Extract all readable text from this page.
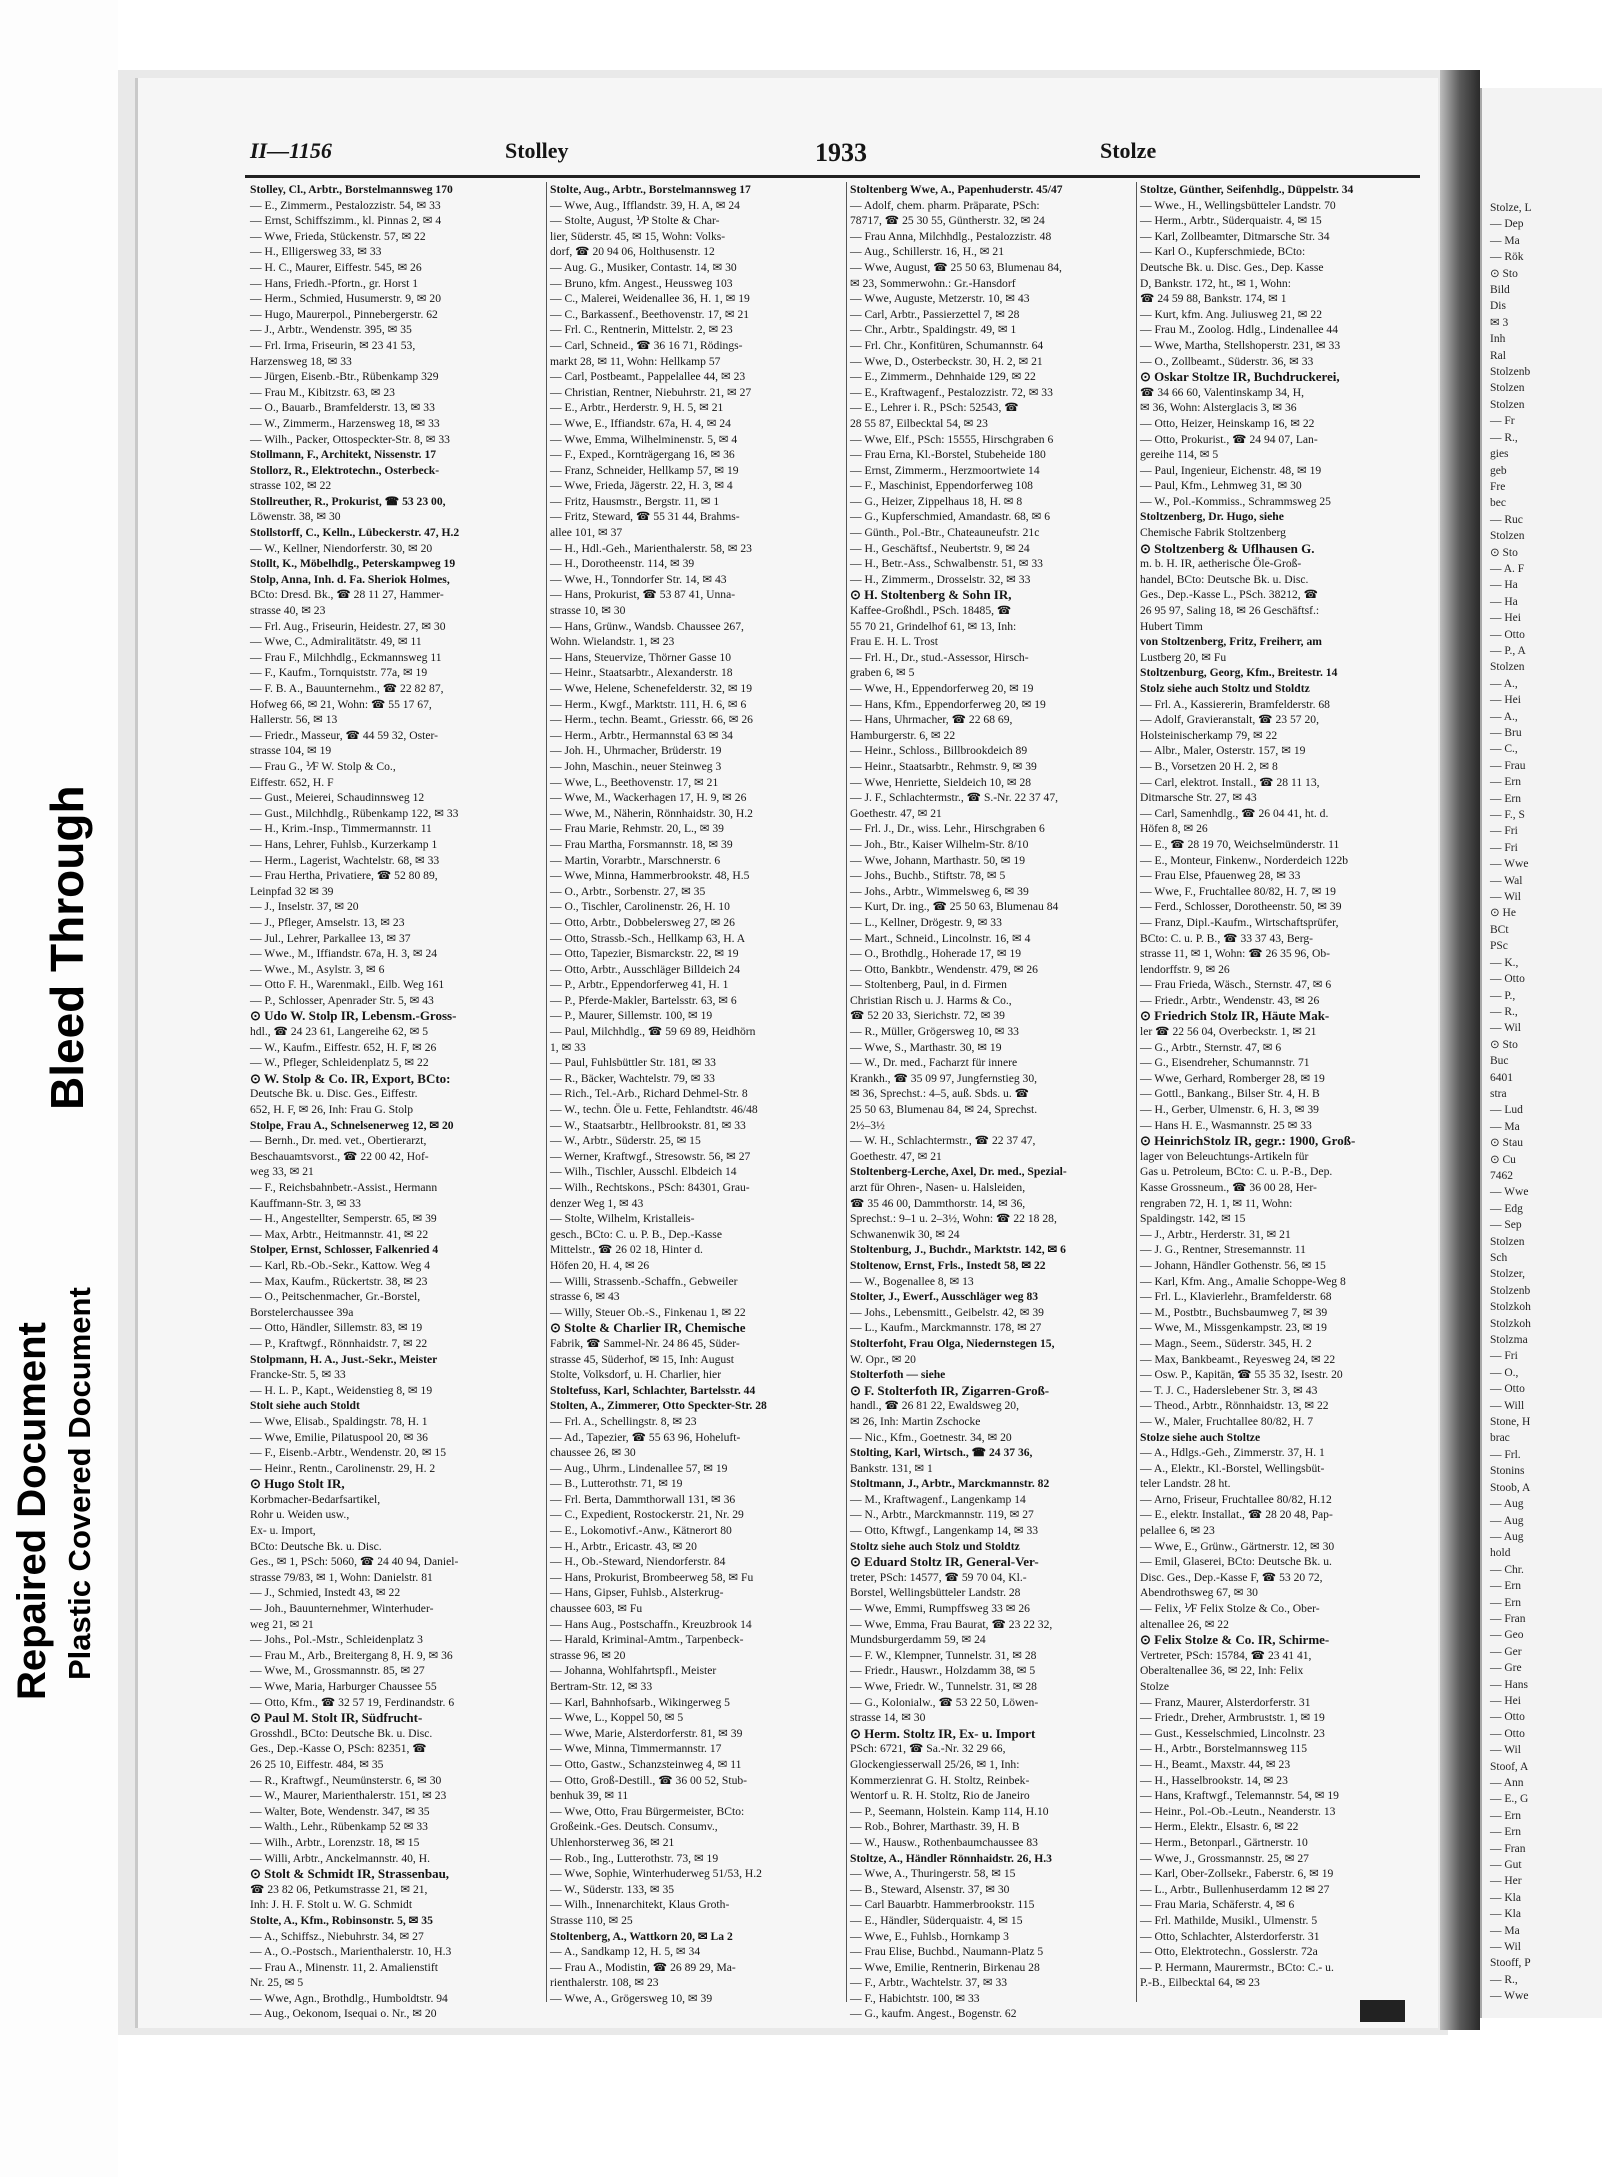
Repaired Document Plastic Covered Document
Bleed Through
Stolze, L
— Dep
— Ma
— Rök
⊙ Sto
Bild
Dis
✉ 3
Inh
Ral
Stolzenb
Stolzen
Stolzen
— Fr
— R.,
gies
geb
Fre
bec
— Ruc
Stolzen
⊙ Sto
— A. F
— Ha
— Ha
— Hei
— Otto
— P., A
Stolzen
— A.,
— Hei
— A.,
— Bru
— C.,
— Frau
— Ern
— Ern
— F., S
— Fri
— Fri
— Wwe
— Wal
— Wil
⊙ He
BCt
PSc
— K.,
— Otto
— P.,
— R.,
— Wil
⊙ Sto
Buc
6401
stra
— Lud
— Ma
⊙ Stau
⊙ Cu
7462
— Wwe
— Edg
— Sep
Stolzen
Sch
Stolzer,
Stolzenb
Stolzkoh
Stolzkoh
Stolzma
— Fri
— O.,
— Otto
— Will
Stone, H
brac
— Frl.
Stonins
Stoob, A
— Aug
— Aug
— Aug
hold
— Chr.
— Ern
— Ern
— Fran
— Geo
— Ger
— Gre
— Hans
— Hei
— Otto
— Otto
— Wil
Stoof, A
— Ann
— E., G
— Ern
— Ern
— Fran
— Gut
— Her
— Kla
— Kla
— Ma
— Wil
Stooff, P
— R.,
— Wwe
II—1156	Stolley	1933	Stolze
Stolley, Cl., Arbtr., Borstelmannsweg 170
— E., Zimmerm., Pestalozzistr. 54, ✉ 33
— Ernst, Schiffszimm., kl. Pinnas 2, ✉ 4
— Wwe, Frieda, Stückenstr. 57, ✉ 22
— H., Elligersweg 33, ✉ 33
— H. C., Maurer, Eiffestr. 545, ✉ 26
— Hans, Friedh.-Pfortn., gr. Horst 1
— Herm., Schmied, Husumerstr. 9, ✉ 20
— Hugo, Maurerpol., Pinnebergerstr. 62
— J., Arbtr., Wendenstr. 395, ✉ 35
— Frl. Irma, Friseurin, ✉ 23 41 53,
Harzensweg 18, ✉ 33
— Jürgen, Eisenb.-Btr., Rübenkamp 329
— Frau M., Kibitzstr. 63, ✉ 23
— O., Bauarb., Bramfelderstr. 13, ✉ 33
— W., Zimmerm., Harzensweg 18, ✉ 33
— Wilh., Packer, Ottospeckter-Str. 8, ✉ 33
Stollmann, F., Architekt, Nissenstr. 17
Stollorz, R., Elektrotechn., Osterbeck-
strasse 102, ✉ 22
Stollreuther, R., Prokurist, ☎ 53 23 00,
Löwenstr. 38, ✉ 30
Stollstorff, C., Kelln., Lübeckerstr. 47, H.2
— W., Kellner, Niendorferstr. 30, ✉ 20
Stollt, K., Möbelhdlg., Peterskampweg 19
Stolp, Anna, Inh. d. Fa. Sheriok Holmes,
BCto: Dresd. Bk., ☎ 28 11 27, Hammer-
strasse 40, ✉ 23
— Frl. Aug., Friseurin, Heidestr. 27, ✉ 30
— Wwe, C., Admiralitätstr. 49, ✉ 11
— Frau F., Milchhdlg., Eckmannsweg 11
— F., Kaufm., Tornquiststr. 77a, ✉ 19
— F. B. A., Bauunternehm., ☎ 22 82 87,
Hofweg 66, ✉ 21, Wohn: ☎ 55 17 67,
Hallerstr. 56, ✉ 13
— Friedr., Masseur, ☎ 44 59 32, Oster-
strasse 104, ✉ 19
— Frau G., ⅟F W. Stolp & Co.,
Eiffestr. 652, H. F
— Gust., Meierei, Schaudinnsweg 12
— Gust., Milchhdlg., Rübenkamp 122, ✉ 33
— H., Krim.-Insp., Timmermannstr. 11
— Hans, Lehrer, Fuhlsb., Kurzerkamp 1
— Herm., Lagerist, Wachtelstr. 68, ✉ 33
— Frau Hertha, Privatiere, ☎ 52 80 89,
Leinpfad 32 ✉ 39
— J., Inselstr. 37, ✉ 20
— J., Pfleger, Amselstr. 13, ✉ 23
— Jul., Lehrer, Parkallee 13, ✉ 37
— Wwe., M., Iffiandstr. 67a, H. 3, ✉ 24
— Wwe., M., Asylstr. 3, ✉ 6
— Otto F. H., Warenmakl., Eilb. Weg 161
— P., Schlosser, Apenrader Str. 5, ✉ 43
⊙ Udo W. Stolp IR, Lebensm.-Gross-
hdl., ☎ 24 23 61, Langereihe 62, ✉ 5
— W., Kaufm., Eiffestr. 652, H. F, ✉ 26
— W., Pfleger, Schleidenplatz 5, ✉ 22
⊙ W. Stolp & Co. IR, Export, BCto:
Deutsche Bk. u. Disc. Ges., Eiffestr.
652, H. F, ✉ 26, Inh: Frau G. Stolp
Stolpe, Frau A., Schnelsenerweg 12, ✉ 20
— Bernh., Dr. med. vet., Obertierarzt,
Beschauamtsvorst., ☎ 22 00 42, Hof-
weg 33, ✉ 21
— F., Reichsbahnbetr.-Assist., Hermann
Kauffmann-Str. 3, ✉ 33
— H., Angestellter, Semperstr. 65, ✉ 39
— Max, Arbtr., Heitmannstr. 41, ✉ 22
Stolper, Ernst, Schlosser, Falkenried 4
— Karl, Rb.-Ob.-Sekr., Kattow. Weg 4
— Max, Kaufm., Rückertstr. 38, ✉ 23
— O., Peitschenmacher, Gr.-Borstel,
Borstelerchaussee 39a
— Otto, Händler, Sillemstr. 83, ✉ 19
— P., Kraftwgf., Rönnhaidstr. 7, ✉ 22
Stolpmann, H. A., Just.-Sekr., Meister
Francke-Str. 5, ✉ 33
— H. L. P., Kapt., Weidenstieg 8, ✉ 19
Stolt siehe auch Stoldt
— Wwe, Elisab., Spaldingstr. 78, H. 1
— Wwe, Emilie, Pilatuspool 20, ✉ 36
— F., Eisenb.-Arbtr., Wendenstr. 20, ✉ 15
— Heinr., Rentn., Carolinenstr. 29, H. 2
⊙ Hugo Stolt IR,
Korbmacher-Bedarfsartikel,
Rohr u. Weiden usw.,
Ex- u. Import,
BCto: Deutsche Bk. u. Disc.
Ges., ✉ 1, PSch: 5060, ☎ 24 40 94, Daniel-
strasse 79/83, ✉ 1, Wohn: Danielstr. 81
— J., Schmied, Instedt 43, ✉ 22
— Joh., Bauunternehmer, Winterhuder-
weg 21, ✉ 21
— Johs., Pol.-Mstr., Schleidenplatz 3
— Frau M., Arb., Breitergang 8, H. 9, ✉ 36
— Wwe, M., Grossmannstr. 85, ✉ 27
— Wwe, Maria, Harburger Chaussee 55
— Otto, Kfm., ☎ 32 57 19, Ferdinandstr. 6
⊙ Paul M. Stolt IR, Südfrucht-
Grosshdl., BCto: Deutsche Bk. u. Disc.
Ges., Dep.-Kasse O, PSch: 82351, ☎
26 25 10, Eiffestr. 484, ✉ 35
— R., Kraftwgf., Neumünsterstr. 6, ✉ 30
— W., Maurer, Marienthalerstr. 151, ✉ 23
— Walter, Bote, Wendenstr. 347, ✉ 35
— Walth., Lehr., Rübenkamp 52 ✉ 33
— Wilh., Arbtr., Lorenzstr. 18, ✉ 15
— Willi, Arbtr., Anckelmannstr. 40, H.
⊙ Stolt & Schmidt IR, Strassenbau,
☎ 23 82 06, Petkumstrasse 21, ✉ 21,
Inh: J. H. F. Stolt u. W. G. Schmidt
Stolte, A., Kfm., Robinsonstr. 5, ✉ 35
— A., Schiffsz., Niebuhrstr. 34, ✉ 27
— A., O.-Postsch., Marienthalerstr. 10, H.3
— Frau A., Minenstr. 11, 2. Amalienstift
Nr. 25, ✉ 5
— Wwe, Agn., Brothdlg., Humboldtstr. 94
— Aug., Oekonom, Isequai o. Nr., ✉ 20
Stolte, Aug., Arbtr., Borstelmannsweg 17
— Wwe, Aug., Ifflandstr. 39, H. A, ✉ 24
— Stolte, August, ⅟P Stolte & Char-
lier, Süderstr. 45, ✉ 15, Wohn: Volks-
dorf, ☎ 20 94 06, Holthusenstr. 12
— Aug. G., Musiker, Contastr. 14, ✉ 30
— Bruno, kfm. Angest., Heussweg 103
— C., Malerei, Weidenallee 36, H. 1, ✉ 19
— C., Barkassenf., Beethovenstr. 17, ✉ 21
— Frl. C., Rentnerin, Mittelstr. 2, ✉ 23
— Carl, Schneid., ☎ 36 16 71, Rödings-
markt 28, ✉ 11, Wohn: Hellkamp 57
— Carl, Postbeamt., Pappelallee 44, ✉ 23
— Christian, Rentner, Niebuhrstr. 21, ✉ 27
— E., Arbtr., Herderstr. 9, H. 5, ✉ 21
— Wwe, E., Iffiandstr. 67a, H. 4, ✉ 24
— Wwe, Emma, Wilhelminenstr. 5, ✉ 4
— F., Exped., Kornträgergang 16, ✉ 36
— Franz, Schneider, Hellkamp 57, ✉ 19
— Wwe, Frieda, Jägerstr. 22, H. 3, ✉ 4
— Fritz, Hausmstr., Bergstr. 11, ✉ 1
— Fritz, Steward, ☎ 55 31 44, Brahms-
allee 101, ✉ 37
— H., Hdl.-Geh., Marienthalerstr. 58, ✉ 23
— H., Dorotheenstr. 114, ✉ 39
— Wwe, H., Tonndorfer Str. 14, ✉ 43
— Hans, Prokurist, ☎ 53 87 41, Unna-
strasse 10, ✉ 30
— Hans, Grünw., Wandsb. Chaussee 267,
Wohn. Wielandstr. 1, ✉ 23
— Hans, Steuervize, Thörner Gasse 10
— Heinr., Staatsarbtr., Alexanderstr. 18
— Wwe, Helene, Schenefelderstr. 32, ✉ 19
— Herm., Kwgf., Marktstr. 111, H. 6, ✉ 6
— Herm., techn. Beamt., Griesstr. 66, ✉ 26
— Herm., Arbtr., Hermannstal 63 ✉ 34
— Joh. H., Uhrmacher, Brüderstr. 19
— John, Maschin., neuer Steinweg 3
— Wwe, L., Beethovenstr. 17, ✉ 21
— Wwe, M., Wackerhagen 17, H. 9, ✉ 26
— Wwe, M., Näherin, Rönnhaidstr. 30, H.2
— Frau Marie, Rehmstr. 20, L., ✉ 39
— Frau Martha, Forsmannstr. 18, ✉ 39
— Martin, Vorarbtr., Marschnerstr. 6
— Wwe, Minna, Hammerbrookstr. 48, H.5
— O., Arbtr., Sorbenstr. 27, ✉ 35
— O., Tischler, Carolinenstr. 26, H. 10
— Otto, Arbtr., Dobbelersweg 27, ✉ 26
— Otto, Strassb.-Sch., Hellkamp 63, H. A
— Otto, Tapezier, Bismarckstr. 22, ✉ 19
— Otto, Arbtr., Ausschläger Billdeich 24
— P., Arbtr., Eppendorferweg 41, H. 1
— P., Pferde-Makler, Bartelsstr. 63, ✉ 6
— P., Maurer, Sillemstr. 100, ✉ 19
— Paul, Milchhdlg., ☎ 59 69 89, Heidhörn
1, ✉ 33
— Paul, Fuhlsbüttler Str. 181, ✉ 33
— R., Bäcker, Wachtelstr. 79, ✉ 33
— Rich., Tel.-Arb., Richard Dehmel-Str. 8
— W., techn. Öle u. Fette, Fehlandtstr. 46/48
— W., Staatsarbtr., Hellbrookstr. 81, ✉ 33
— W., Arbtr., Süderstr. 25, ✉ 15
— Werner, Kraftwgf., Stresowstr. 56, ✉ 27
— Wilh., Tischler, Ausschl. Elbdeich 14
— Wilh., Rechtskons., PSch: 84301, Grau-
denzer Weg 1, ✉ 43
— Stolte, Wilhelm, Kristalleis-
gesch., BCto: C. u. P. B., Dep.-Kasse
Mittelstr., ☎ 26 02 18, Hinter d.
Höfen 20, H. 4, ✉ 26
— Willi, Strassenb.-Schaffn., Gebweiler
strasse 6, ✉ 43
— Willy, Steuer Ob.-S., Finkenau 1, ✉ 22
⊙ Stolte & Charlier IR, Chemische
Fabrik, ☎ Sammel-Nr. 24 86 45, Süder-
strasse 45, Süderhof, ✉ 15, Inh: August
Stolte, Volksdorf, u. H. Charlier, hier
Stoltefuss, Karl, Schlachter, Bartelsstr. 44
Stolten, A., Zimmerer, Otto Speckter-Str. 28
— Frl. A., Schellingstr. 8, ✉ 23
— Ad., Tapezier, ☎ 55 63 96, Hoheluft-
chaussee 26, ✉ 30
— Aug., Uhrm., Lindenallee 57, ✉ 19
— B., Lutterothstr. 71, ✉ 19
— Frl. Berta, Dammthorwall 131, ✉ 36
— C., Expedient, Rostockerstr. 21, Nr. 29
— E., Lokomotivf.-Anw., Kätnerort 80
— H., Arbtr., Ericastr. 43, ✉ 20
— H., Ob.-Steward, Niendorferstr. 84
— Hans, Prokurist, Brombeerweg 58, ✉ Fu
— Hans, Gipser, Fuhlsb., Alsterkrug-
chaussee 603, ✉ Fu
— Hans Aug., Postschaffn., Kreuzbrook 14
— Harald, Kriminal-Amtm., Tarpenbeck-
strasse 96, ✉ 20
— Johanna, Wohlfahrtspfl., Meister
Bertram-Str. 12, ✉ 33
— Karl, Bahnhofsarb., Wikingerweg 5
— Wwe, L., Koppel 50, ✉ 5
— Wwe, Marie, Alsterdorferstr. 81, ✉ 39
— Wwe, Minna, Timmermannstr. 17
— Otto, Gastw., Schanzsteinweg 4, ✉ 11
— Otto, Groß-Destill., ☎ 36 00 52, Stub-
benhuk 39, ✉ 11
— Wwe, Otto, Frau Bürgermeister, BCto:
Großeink.-Ges. Deutsch. Consumv.,
Uhlenhorsterweg 36, ✉ 21
— Rob., Ing., Lutterothstr. 73, ✉ 19
— Wwe, Sophie, Winterhuderweg 51/53, H.2
— W., Süderstr. 133, ✉ 35
— Wilh., Innenarchitekt, Klaus Groth-
Strasse 110, ✉ 25
Stoltenberg, A., Wattkorn 20, ✉ La 2
— A., Sandkamp 12, H. 5, ✉ 34
— Frau A., Modistin, ☎ 26 89 29, Ma-
rienthalerstr. 108, ✉ 23
— Wwe, A., Grögersweg 10, ✉ 39
Stoltenberg Wwe, A., Papenhuderstr. 45/47
— Adolf, chem. pharm. Präparate, PSch:
78717, ☎ 25 30 55, Güntherstr. 32, ✉ 24
— Frau Anna, Milchhdlg., Pestalozzistr. 48
— Aug., Schillerstr. 16, H., ✉ 21
— Wwe, August, ☎ 25 50 63, Blumenau 84,
✉ 23, Sommerwohn.: Gr.-Hansdorf
— Wwe, Auguste, Metzerstr. 10, ✉ 43
— Carl, Arbtr., Passierzettel 7, ✉ 28
— Chr., Arbtr., Spaldingstr. 49, ✉ 1
— Frl. Chr., Konfitüren, Schumannstr. 64
— Wwe, D., Osterbeckstr. 30, H. 2, ✉ 21
— E., Zimmerm., Dehnhaide 129, ✉ 22
— E., Kraftwagenf., Pestalozzistr. 72, ✉ 33
— E., Lehrer i. R., PSch: 52543, ☎
28 55 87, Eilbecktal 54, ✉ 23
— Wwe, Elf., PSch: 15555, Hirschgraben 6
— Frau Erna, Kl.-Borstel, Stubeheide 180
— Ernst, Zimmerm., Herzmoortwiete 14
— F., Maschinist, Eppendorferweg 108
— G., Heizer, Zippelhaus 18, H. ✉ 8
— G., Kupferschmied, Amandastr. 68, ✉ 6
— Günth., Pol.-Btr., Chateauneufstr. 21c
— H., Geschäftsf., Neubertstr. 9, ✉ 24
— H., Betr.-Ass., Schwalbenstr. 51, ✉ 33
— H., Zimmerm., Drosselstr. 32, ✉ 33
⊙ H. Stoltenberg & Sohn IR,
Kaffee-Großhdl., PSch. 18485, ☎
55 70 21, Grindelhof 61, ✉ 13, Inh:
Frau E. H. L. Trost
— Frl. H., Dr., stud.-Assessor, Hirsch-
graben 6, ✉ 5
— Wwe, H., Eppendorferweg 20, ✉ 19
— Hans, Kfm., Eppendorferweg 20, ✉ 19
— Hans, Uhrmacher, ☎ 22 68 69,
Hamburgerstr. 6, ✉ 22
— Heinr., Schloss., Billbrookdeich 89
— Heinr., Staatsarbtr., Rehmstr. 9, ✉ 39
— Wwe, Henriette, Sieldeich 10, ✉ 28
— J. F., Schlachtermstr., ☎ S.-Nr. 22 37 47,
Goethestr. 47, ✉ 21
— Frl. J., Dr., wiss. Lehr., Hirschgraben 6
— Joh., Btr., Kaiser Wilhelm-Str. 8/10
— Wwe, Johann, Marthastr. 50, ✉ 19
— Johs., Buchb., Stiftstr. 78, ✉ 5
— Johs., Arbtr., Wimmelsweg 6, ✉ 39
— Kurt, Dr. ing., ☎ 25 50 63, Blumenau 84
— L., Kellner, Drögestr. 9, ✉ 33
— Mart., Schneid., Lincolnstr. 16, ✉ 4
— O., Brothdlg., Hoherade 17, ✉ 19
— Otto, Bankbtr., Wendenstr. 479, ✉ 26
— Stoltenberg, Paul, in d. Firmen
Christian Risch u. J. Harms & Co.,
☎ 52 20 33, Sierichstr. 72, ✉ 39
— R., Müller, Grögersweg 10, ✉ 33
— Wwe, S., Marthastr. 30, ✉ 19
— W., Dr. med., Facharzt für innere
Krankh., ☎ 35 09 97, Jungfernstieg 30,
✉ 36, Sprechst.: 4–5, auß. Sbds. u. ☎
25 50 63, Blumenau 84, ✉ 24, Sprechst.
2½–3½
— W. H., Schlachtermstr., ☎ 22 37 47,
Goethestr. 47, ✉ 21
Stoltenberg-Lerche, Axel, Dr. med., Spezial-
arzt für Ohren-, Nasen- u. Halsleiden,
☎ 35 46 00, Dammthorstr. 14, ✉ 36,
Sprechst.: 9–1 u. 2–3½, Wohn: ☎ 22 18 28,
Schwanenwik 30, ✉ 24
Stoltenburg, J., Buchdr., Marktstr. 142, ✉ 6
Stoltenow, Ernst, Frls., Instedt 58, ✉ 22
— W., Bogenallee 8, ✉ 13
Stolter, J., Ewerf., Ausschläger weg 83
— Johs., Lebensmitt., Geibelstr. 42, ✉ 39
— L., Kaufm., Marckmannstr. 178, ✉ 27
Stolterfoht, Frau Olga, Niedernstegen 15,
W. Opr., ✉ 20
Stolterfoth — siehe
⊙ F. Stolterfoth IR, Zigarren-Groß-
handl., ☎ 26 81 22, Ewaldsweg 20,
✉ 26, Inh: Martin Zschocke
— Nic., Kfm., Goetnestr. 34, ✉ 20
Stolting, Karl, Wirtsch., ☎ 24 37 36,
Bankstr. 131, ✉ 1
Stoltmann, J., Arbtr., Marckmannstr. 82
— M., Kraftwagenf., Langenkamp 14
— N., Arbtr., Marckmannstr. 119, ✉ 27
— Otto, Kftwgf., Langenkamp 14, ✉ 33
Stoltz siehe auch Stolz und Stoldtz
⊙ Eduard Stoltz IR, General-Ver-
treter, PSch: 14577, ☎ 59 70 04, Kl.-
Borstel, Wellingsbütteler Landstr. 28
— Wwe, Emmi, Rumpffsweg 33 ✉ 26
— Wwe, Emma, Frau Baurat, ☎ 23 22 32,
Mundsburgerdamm 59, ✉ 24
— F. W., Klempner, Tunnelstr. 31, ✉ 28
— Friedr., Hauswr., Holzdamm 38, ✉ 5
— Wwe, Friedr. W., Tunnelstr. 31, ✉ 28
— G., Kolonialw., ☎ 53 22 50, Löwen-
strasse 14, ✉ 30
⊙ Herm. Stoltz IR, Ex- u. Import
PSch: 6721, ☎ Sa.-Nr. 32 29 66,
Glockengiesserwall 25/26, ✉ 1, Inh:
Kommerzienrat G. H. Stoltz, Reinbek-
Wentorf u. R. H. Stoltz, Rio de Janeiro
— P., Seemann, Holstein. Kamp 114, H.10
— Rob., Bohrer, Marthastr. 39, H. B
— W., Hausw., Rothenbaumchaussee 83
Stoltze, A., Händler Rönnhaidstr. 26, H.3
— Wwe, A., Thuringerstr. 58, ✉ 15
— B., Steward, Alsenstr. 37, ✉ 30
— Carl Bauarbtr. Hammerbrookstr. 115
— E., Händler, Süderquaistr. 4, ✉ 15
— Wwe, E., Fuhlsb., Hornkamp 3
— Frau Elise, Buchbd., Naumann-Platz 5
— Wwe, Emilie, Rentnerin, Birkenau 28
— F., Arbtr., Wachtelstr. 37, ✉ 33
— F., Habichtstr. 100, ✉ 33
— G., kaufm. Angest., Bogenstr. 62
Stoltze, Günther, Seifenhdlg., Düppelstr. 34
— Wwe., H., Wellingsbütteler Landstr. 70
— Herm., Arbtr., Süderquaistr. 4, ✉ 15
— Karl, Zollbeamter, Ditmarsche Str. 34
— Karl O., Kupferschmiede, BCto:
Deutsche Bk. u. Disc. Ges., Dep. Kasse
D, Bankstr. 172, ht., ✉ 1, Wohn:
☎ 24 59 88, Bankstr. 174, ✉ 1
— Kurt, kfm. Ang. Juliusweg 21, ✉ 22
— Frau M., Zoolog. Hdlg., Lindenallee 44
— Wwe, Martha, Stellshoperstr. 231, ✉ 33
— O., Zollbeamt., Süderstr. 36, ✉ 33
⊙ Oskar Stoltze IR, Buchdruckerei,
☎ 34 66 60, Valentinskamp 34, H,
✉ 36, Wohn: Alsterglacis 3, ✉ 36
— Otto, Heizer, Heinskamp 16, ✉ 22
— Otto, Prokurist., ☎ 24 94 07, Lan-
gereihe 114, ✉ 5
— Paul, Ingenieur, Eichenstr. 48, ✉ 19
— Paul, Kfm., Lehmweg 31, ✉ 30
— W., Pol.-Kommiss., Schrammsweg 25
Stoltzenberg, Dr. Hugo, siehe
Chemische Fabrik Stoltzenberg
⊙ Stoltzenberg & Uflhausen G.
m. b. H. IR, aetherische Öle-Groß-
handel, BCto: Deutsche Bk. u. Disc.
Ges., Dep.-Kasse L., PSch. 38212, ☎
26 95 97, Saling 18, ✉ 26 Geschäftsf.:
Hubert Timm
von Stoltzenberg, Fritz, Freiherr, am
Lustberg 20, ✉ Fu
Stoltzenburg, Georg, Kfm., Breitestr. 14
Stolz siehe auch Stoltz und Stoldtz
— Frl. A., Kassiererin, Bramfelderstr. 68
— Adolf, Gravieranstalt, ☎ 23 57 20,
Holsteinischerkamp 79, ✉ 22
— Albr., Maler, Osterstr. 157, ✉ 19
— B., Vorsetzen 20 H. 2, ✉ 8
— Carl, elektrot. Install., ☎ 28 11 13,
Ditmarsche Str. 27, ✉ 43
— Carl, Samenhdlg., ☎ 26 04 41, ht. d.
Höfen 8, ✉ 26
— E., ☎ 28 19 70, Weichselmünderstr. 11
— E., Monteur, Finkenw., Norderdeich 122b
— Frau Else, Pfauenweg 28, ✉ 33
— Wwe, F., Fruchtallee 80/82, H. 7, ✉ 19
— Ferd., Schlosser, Dorotheenstr. 50, ✉ 39
— Franz, Dipl.-Kaufm., Wirtschaftsprüfer,
BCto: C. u. P. B., ☎ 33 37 43, Berg-
strasse 11, ✉ 1, Wohn: ☎ 26 35 96, Ob-
lendorffstr. 9, ✉ 26
— Frau Frieda, Wäsch., Sternstr. 47, ✉ 6
— Friedr., Arbtr., Wendenstr. 43, ✉ 26
⊙ Friedrich Stolz IR, Häute Mak-
ler ☎ 22 56 04, Overbeckstr. 1, ✉ 21
— G., Arbtr., Sternstr. 47, ✉ 6
— G., Eisendreher, Schumannstr. 71
— Wwe, Gerhard, Romberger 28, ✉ 19
— Gottl., Bankang., Bilser Str. 4, H. B
— H., Gerber, Ulmenstr. 6, H. 3, ✉ 39
— Hans H. E., Wasmannstr. 25 ✉ 33
⊙ HeinrichStolz IR, gegr.: 1900, Groß-
lager von Beleuchtungs-Artikeln für
Gas u. Petroleum, BCto: C. u. P.-B., Dep.
Kasse Grossneum., ☎ 36 00 28, Her-
rengraben 72, H. 1, ✉ 11, Wohn:
Spaldingstr. 142, ✉ 15
— J., Arbtr., Herderstr. 31, ✉ 21
— J. G., Rentner, Stresemannstr. 11
— Johann, Händler Gothenstr. 56, ✉ 15
— Karl, Kfm. Ang., Amalie Schoppe-Weg 8
— Frl. L., Klavierlehr., Bramfelderstr. 68
— M., Postbtr., Buchsbaumweg 7, ✉ 39
— Wwe, M., Missgenkampstr. 23, ✉ 19
— Magn., Seem., Süderstr. 345, H. 2
— Max, Bankbeamt., Reyesweg 24, ✉ 22
— Osw. P., Kapitän, ☎ 55 35 32, Isestr. 20
— T. J. C., Haderslebener Str. 3, ✉ 43
— Theod., Arbtr., Rönnhaidstr. 13, ✉ 22
— W., Maler, Fruchtallee 80/82, H. 7
Stolze siehe auch Stoltze
— A., Hdlgs.-Geh., Zimmerstr. 37, H. 1
— A., Elektr., Kl.-Borstel, Wellingsbüt-
teler Landstr. 28 ht.
— Arno, Friseur, Fruchtallee 80/82, H.12
— E., elektr. Installat., ☎ 28 20 48, Pap-
pelallee 6, ✉ 23
— Wwe, E., Grünw., Gärtnerstr. 12, ✉ 30
— Emil, Glaserei, BCto: Deutsche Bk. u.
Disc. Ges., Dep.-Kasse F, ☎ 53 20 72,
Abendrothsweg 67, ✉ 30
— Felix, ⅟F Felix Stolze & Co., Ober-
altenallee 26, ✉ 22
⊙ Felix Stolze & Co. IR, Schirme-
Vertreter, PSch: 15784, ☎ 23 41 41,
Oberaltenallee 36, ✉ 22, Inh: Felix
Stolze
— Franz, Maurer, Alsterdorferstr. 31
— Friedr., Dreher, Armbruststr. 1, ✉ 19
— Gust., Kesselschmied, Lincolnstr. 23
— H., Arbtr., Borstelmannsweg 115
— H., Beamt., Maxstr. 44, ✉ 23
— H., Hasselbrookstr. 14, ✉ 23
— Hans, Kraftwgf., Telemannstr. 54, ✉ 19
— Heinr., Pol.-Ob.-Leutn., Neanderstr. 13
— Herm., Elektr., Elsastr. 6, ✉ 22
— Herm., Betonparl., Gärtnerstr. 10
— Wwe, J., Grossmannstr. 25, ✉ 27
— Karl, Ober-Zollsekr., Faberstr. 6, ✉ 19
— L., Arbtr., Bullenhuserdamm 12 ✉ 27
— Frau Maria, Schäferstr. 4, ✉ 6
— Frl. Mathilde, Musikl., Ulmenstr. 5
— Otto, Schlachter, Alsterdorferstr. 31
— Otto, Elektrotechn., Gosslerstr. 72a
— P. Hermann, Maurermstr., BCto: C.- u.
P.-B., Eilbecktal 64, ✉ 23
